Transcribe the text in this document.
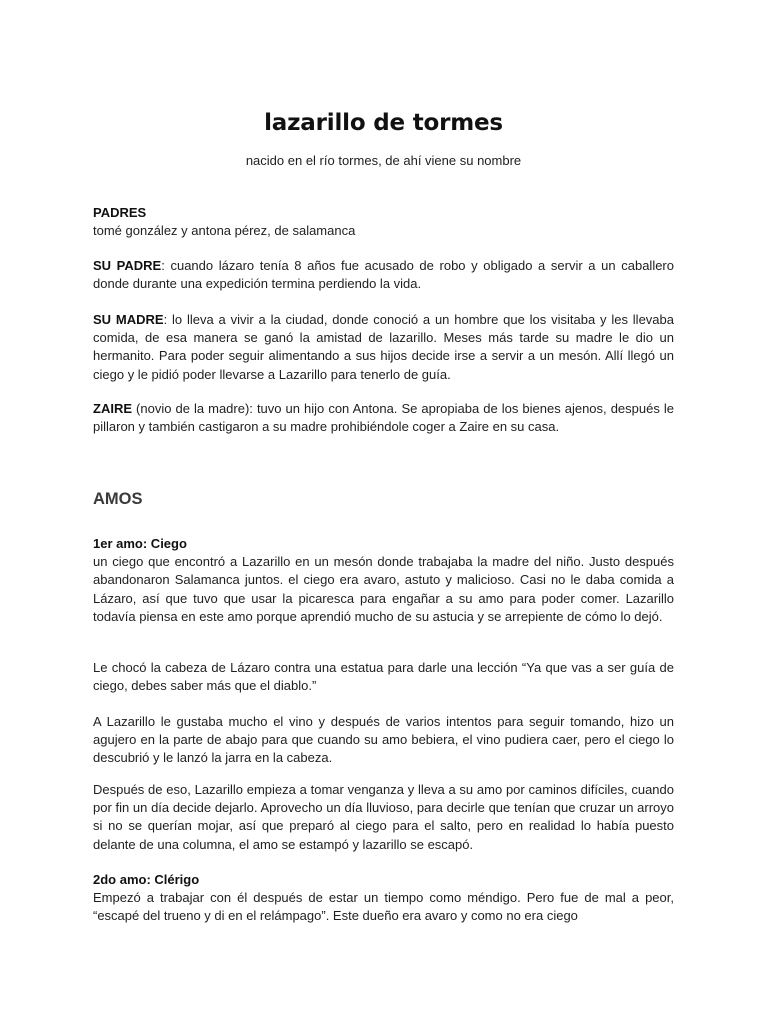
lazarillo de tormes
nacido en el río tormes, de ahí viene su nombre
PADRES
tomé gonzález y antona pérez, de salamanca
SU PADRE: cuando lázaro tenía 8 años fue acusado de robo y obligado a servir a un caballero donde durante una expedición termina perdiendo la vida.
SU MADRE: lo lleva a vivir a la ciudad, donde conoció a un hombre que los visitaba y les llevaba comida, de esa manera se ganó la amistad de lazarillo. Meses más tarde su madre le dio un hermanito. Para poder seguir alimentando a sus hijos decide irse a servir a un mesón. Allí llegó un ciego y le pidió poder llevarse a Lazarillo para tenerlo de guía.
ZAIRE (novio de la madre): tuvo un hijo con Antona. Se apropiaba de los bienes ajenos, después le pillaron y también castigaron a su madre prohibiéndole coger a Zaire en su casa.
AMOS
1er amo: Ciego
un ciego que encontró a Lazarillo en un mesón donde trabajaba la madre del niño. Justo después abandonaron Salamanca juntos. el ciego era avaro, astuto y malicioso. Casi no le daba comida a Lázaro, así que tuvo que usar la picaresca para engañar a su amo para poder comer. Lazarillo todavía piensa en este amo porque aprendió mucho de su astucia y se arrepiente de cómo lo dejó.
Le chocó la cabeza de Lázaro contra una estatua para darle una lección “Ya que vas a ser guía de ciego, debes saber más que el diablo.”
A Lazarillo le gustaba mucho el vino y después de varios intentos para seguir tomando, hizo un agujero en la parte de abajo para que cuando su amo bebiera, el vino pudiera caer, pero el ciego lo descubrió y le lanzó la jarra en la cabeza.
Después de eso, Lazarillo empieza a tomar venganza y lleva a su amo por caminos difíciles, cuando por fin un día decide dejarlo. Aprovecho un día lluvioso, para decirle que tenían que cruzar un arroyo si no se querían mojar, así que preparó al ciego para el salto, pero en realidad lo había puesto delante de una columna, el amo se estampó y lazarillo se escapó.
2do amo: Clérigo
Empezó a trabajar con él después de estar un tiempo como méndigo. Pero fue de mal a peor, “escapé del trueno y di en el relámpago”. Este dueño era avaro y como no era ciego
